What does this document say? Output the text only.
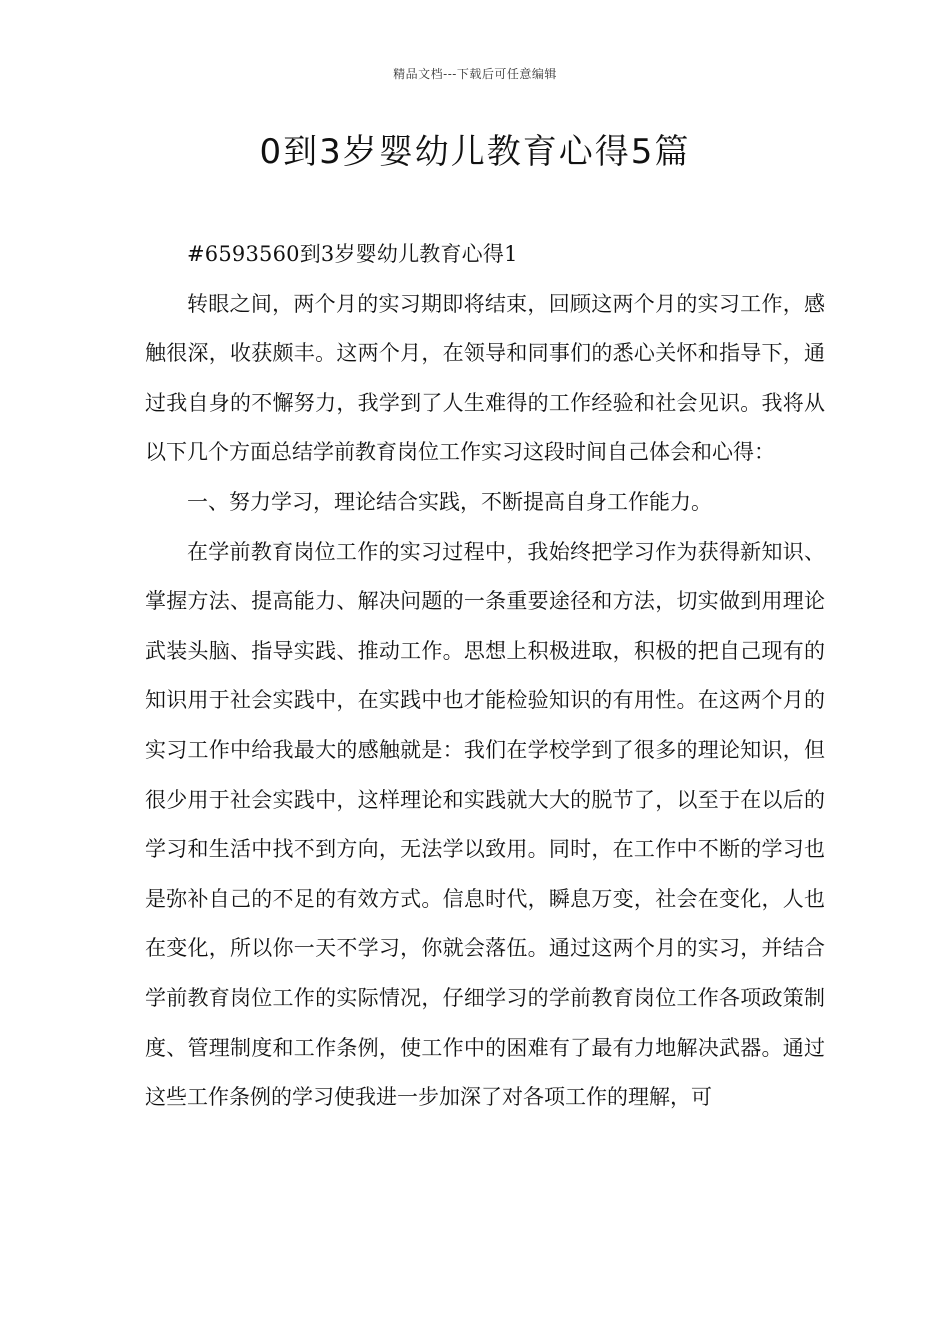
精品文档---下载后可任意编辑
0到3岁婴幼儿教育心得5篇

#6593560到3岁婴幼儿教育心得1

转眼之间，两个月的实习期即将结束，回顾这两个月的实习工作，感触很深，收获颇丰。这两个月，在领导和同事们的悉心关怀和指导下，通过我自身的不懈努力，我学到了人生难得的工作经验和社会见识。我将从以下几个方面总结学前教育岗位工作实习这段时间自己体会和心得：

一、努力学习，理论结合实践，不断提高自身工作能力。

在学前教育岗位工作的实习过程中，我始终把学习作为获得新知识、掌握方法、提高能力、解决问题的一条重要途径和方法，切实做到用理论武装头脑、指导实践、推动工作。思想上积极进取，积极的把自己现有的知识用于社会实践中，在实践中也才能检验知识的有用性。在这两个月的实习工作中给我最大的感触就是：我们在学校学到了很多的理论知识，但很少用于社会实践中，这样理论和实践就大大的脱节了，以至于在以后的学习和生活中找不到方向，无法学以致用。同时，在工作中不断的学习也是弥补自己的不足的有效方式。信息时代，瞬息万变，社会在变化，人也在变化，所以你一天不学习，你就会落伍。通过这两个月的实习，并结合学前教育岗位工作的实际情况，仔细学习的学前教育岗位工作各项政策制度、管理制度和工作条例，使工作中的困难有了最有力地解决武器。通过这些工作条例的学习使我进一步加深了对各项工作的理解，可
